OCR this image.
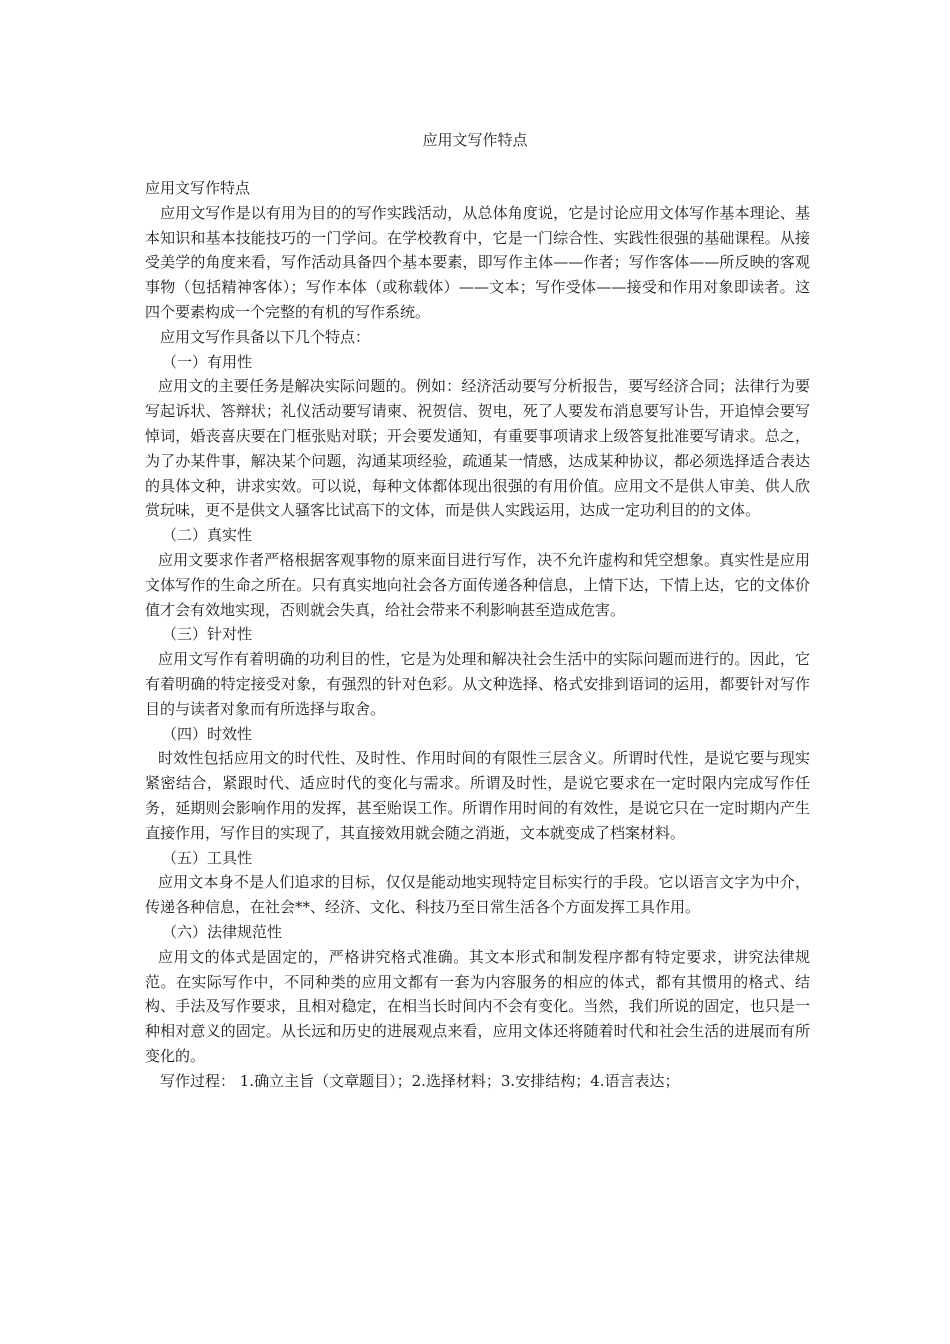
应用文写作特点

应用文写作特点

应用文写作是以有用为目的的写作实践活动，从总体角度说，它是讨论应用文体写作基本理论、基本知识和基本技能技巧的一门学问。在学校教育中，它是一门综合性、实践性很强的基础课程。从接受美学的角度来看，写作活动具备四个基本要素，即写作主体——作者；写作客体——所反映的客观事物（包括精神客体）；写作本体（或称载体）——文本；写作受体——接受和作用对象即读者。这四个要素构成一个完整的有机的写作系统。

应用文写作具备以下几个特点：

（一）有用性

应用文的主要任务是解决实际问题的。例如：经济活动要写分析报告，要写经济合同；法律行为要写起诉状、答辩状；礼仪活动要写请柬、祝贺信、贺电，死了人要发布消息要写讣告，开追悼会要写悼词，婚丧喜庆要在门框张贴对联；开会要发通知，有重要事项请求上级答复批准要写请求。总之，为了办某件事，解决某个问题，沟通某项经验，疏通某一情感，达成某种协议，都必须选择适合表达的具体文种，讲求实效。可以说，每种文体都体现出很强的有用价值。应用文不是供人审美、供人欣赏玩味，更不是供文人骚客比试高下的文体，而是供人实践运用，达成一定功利目的的文体。

（二）真实性

应用文要求作者严格根据客观事物的原来面目进行写作，决不允许虚构和凭空想象。真实性是应用文体写作的生命之所在。只有真实地向社会各方面传递各种信息，上情下达，下情上达，它的文体价值才会有效地实现，否则就会失真，给社会带来不利影响甚至造成危害。

（三）针对性

应用文写作有着明确的功利目的性，它是为处理和解决社会生活中的实际问题而进行的。因此，它有着明确的特定接受对象，有强烈的针对色彩。从文种选择、格式安排到语词的运用，都要针对写作目的与读者对象而有所选择与取舍。

（四）时效性

时效性包括应用文的时代性、及时性、作用时间的有限性三层含义。所谓时代性，是说它要与现实紧密结合，紧跟时代、适应时代的变化与需求。所谓及时性，是说它要求在一定时限内完成写作任务，延期则会影响作用的发挥，甚至贻误工作。所谓作用时间的有效性，是说它只在一定时期内产生直接作用，写作目的实现了，其直接效用就会随之消逝，文本就变成了档案材料。

（五）工具性

应用文本身不是人们追求的目标，仅仅是能动地实现特定目标实行的手段。它以语言文字为中介，传递各种信息，在社会**、经济、文化、科技乃至日常生活各个方面发挥工具作用。

（六）法律规范性

应用文的体式是固定的，严格讲究格式准确。其文本形式和制发程序都有特定要求，讲究法律规范。在实际写作中，不同种类的应用文都有一套为内容服务的相应的体式，都有其惯用的格式、结构、手法及写作要求，且相对稳定，在相当长时间内不会有变化。当然，我们所说的固定，也只是一种相对意义的固定。从长远和历史的进展观点来看，应用文体还将随着时代和社会生活的进展而有所变化的。

写作过程： 1.确立主旨（文章题目）；2.选择材料；3.安排结构；4.语言表达；
